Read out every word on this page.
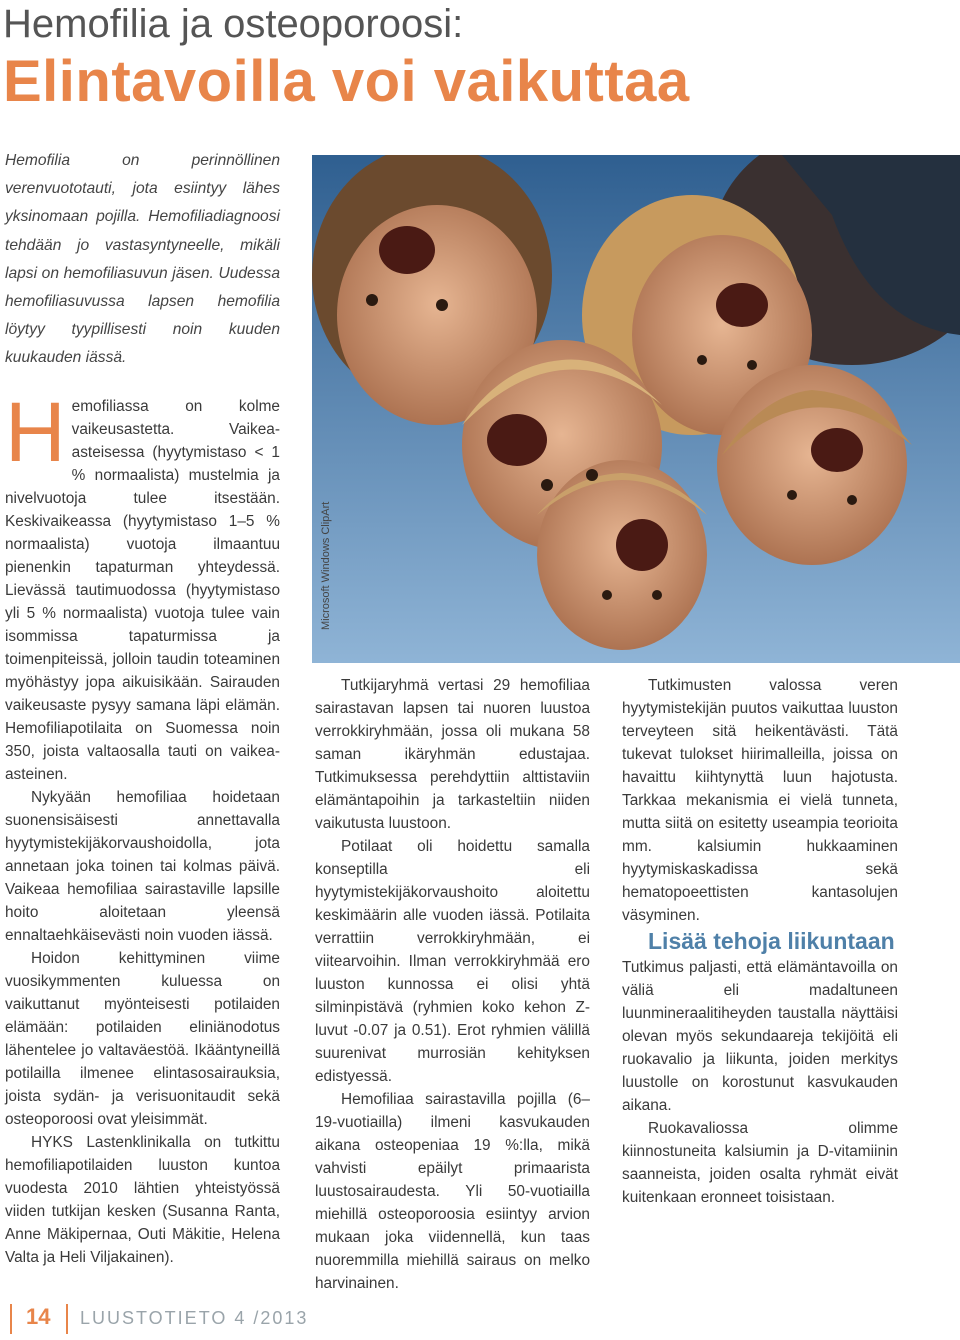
Hemofilia ja osteoporoosi:
Elintavoilla voi vaikuttaa
Hemofilia on perinnöllinen verenvuototauti, jota esiintyy lähes yksinomaan pojilla. Hemofiliadiagnoosi tehdään jo vastasyntyneelle, mikäli lapsi on hemofiliasuvun jäsen. Uudessa hemofiliasuvussa lapsen hemofilia löytyy tyypillisesti noin kuuden kuukauden iässä.

Hemofiliassa on kolme vaikeusastetta. Vaikea-asteisessa (hyytymistaso < 1 % normaalista) mustelmia ja nivelvuotoja tulee itsestään. Keskivaikeassa (hyytymistaso 1–5 % normaalista) vuotoja ilmaantuu pienenkin tapaturman yhteydessä. Lievässä tautimuodossa (hyytymistaso yli 5 % normaalista) vuotoja tulee vain isommissa tapaturmissa ja toimenpiteissä, jolloin taudin toteaminen myöhästyy jopa aikuisikään. Sairauden vaikeusaste pysyy samana läpi elämän. Hemofiliapotilaita on Suomessa noin 350, joista valtaosalla tauti on vaikea-asteinen.

Nykyään hemofiliaa hoidetaan suonensisäisesti annettavalla hyytymistekijäkorvaushoidolla, jota annetaan joka toinen tai kolmas päivä. Vaikeaa hemofiliaa sairastaville lapsille hoito aloitetaan yleensä ennaltaehkäisevästi noin vuoden iässä.

Hoidon kehittyminen viime vuosikymmenten kuluessa on vaikuttanut myönteisesti potilaiden elämään: potilaiden eliniänodotus lähentelee jo valtaväestöä. Ikääntyneillä potilailla ilmenee elintasosairauksia, joista sydän- ja verisuonitaudit sekä osteoporoosi ovat yleisimmät.

HYKS Lastenklinikalla on tutkittu hemofiliapotilaiden luuston kuntoa vuodesta 2010 lähtien yhteistyössä viiden tutkijan kesken (Susanna Ranta, Anne Mäkipernaa, Outi Mäkitie, Helena Valta ja Heli Viljakainen).

Microsoft Windows ClipArt

Tutkijaryhmä vertasi 29 hemofiliaa sairastavan lapsen tai nuoren luustoa verrokkiryhmään, jossa oli mukana 58 saman ikäryhmän edustajaa. Tutkimuksessa perehdyttiin alttistaviin elämäntapoihin ja tarkasteltiin niiden vaikutusta luustoon.

Potilaat oli hoidettu samalla konseptilla eli hyytymistekijäkorvaushoito aloitettu keskimäärin alle vuoden iässä. Potilaita verrattiin verrokkiryhmään, ei viitearvoihin. Ilman verrokkiryhmää ero luuston kunnossa ei olisi yhtä silminpistävä (ryhmien koko kehon Z-luvut -0.07 ja 0.51). Erot ryhmien välillä suurenivat murrosiän kehityksen edistyessä.

Hemofiliaa sairastavilla pojilla (6–19-vuotiailla) ilmeni kasvukauden aikana osteopeniaa 19 %:lla, mikä vahvisti epäilyt primaarista luustosairaudesta. Yli 50-vuotiailla miehillä osteoporoosia esiintyy arvion mukaan joka viidennellä, kun taas nuoremmilla miehillä sairaus on melko harvinainen.

Tutkimusten valossa veren hyytymistekijän puutos vaikuttaa luuston terveyteen sitä heikentävästi. Tätä tukevat tulokset hiirimalleilla, joissa on havaittu kiihtynyttä luun hajotusta. Tarkkaa mekanismia ei vielä tunneta, mutta siitä on esitetty useampia teorioita mm. kalsiumin hukkaaminen hyytymiskaskadissa sekä hematopoeettisten kantasolujen väsyminen.

Lisää tehoja liikuntaan

Tutkimus paljasti, että elämäntavoilla on väliä eli madaltuneen luunmineraalitiheyden taustalla näyttäisi olevan myös sekundaareja tekijöitä eli ruokavalio ja liikunta, joiden merkitys luustolle on korostunut kasvukauden aikana.

Ruokavaliossa olimme kiinnostuneita kalsiumin ja D-vitamiinin saanneista, joiden osalta ryhmät eivät kuitenkaan eronneet toisistaan.

14 LUUSTOTIETO 4 /2013
